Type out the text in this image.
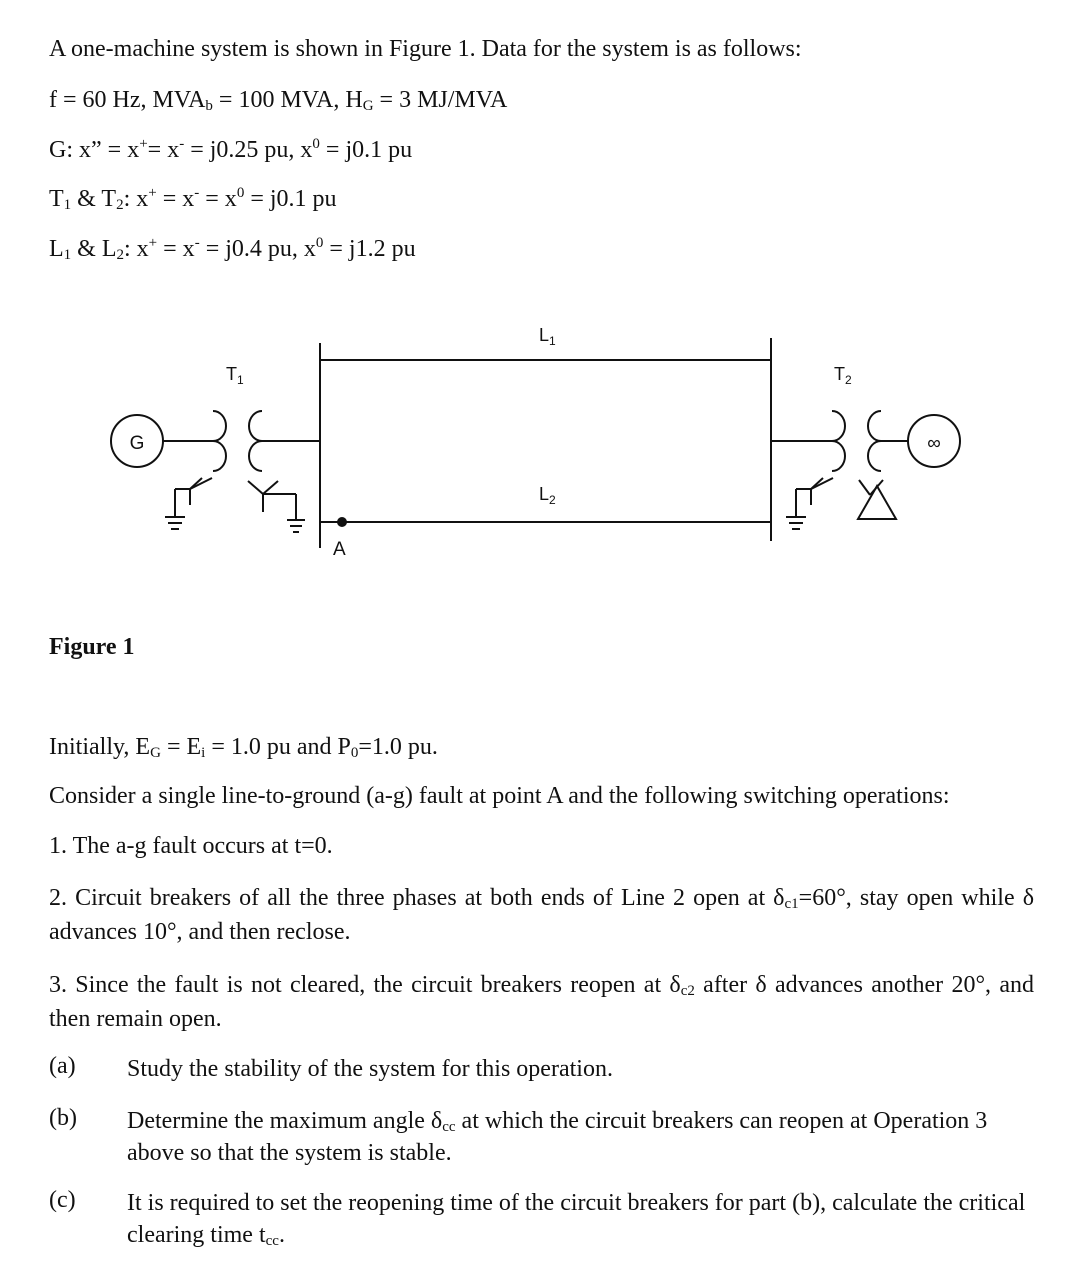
A one-machine system is shown in Figure 1. Data for the system is as follows:
f = 60 Hz, $MVA_b = 100$ MVA, $H_G = 3$ MJ/MVA
G: x” = x+= x- = j0.25 pu, $x^0 = j0.1$ pu
$T_1$ & $T_2$: $x^+ = x^- = x^0 = j0.1$ pu
$L_1$ & $L_2$: x+ = x- = j0.4 pu, $x^0 = j1.2$ pu
G
$T_1$
$L_1$
$L_2$
A
$T_2$
∞
Figure 1
Initially, $E_G = E_i = 1.0$ pu and $P_0=1.0$ pu.
Consider a single line-to-ground (a-g) fault at point A and the following switching operations:
1. The a-g fault occurs at t=0.
2. Circuit breakers of all the three phases at both ends of Line 2 open at $\delta_{c1}=60^\circ$, stay open while δ advances 10°, and then reclose.
3. Since the fault is not cleared, the circuit breakers reopen at $\delta_{c2}$ after δ advances another 20°, and then remain open.
(a) Study the stability of the system for this operation.
(b) Determine the maximum angle $\delta_{cc}$ at which the circuit breakers can reopen at Operation 3 above so that the system is stable.
(c) It is required to set the reopening time of the circuit breakers for part (b), calculate the critical clearing time $t_{cc}$.
